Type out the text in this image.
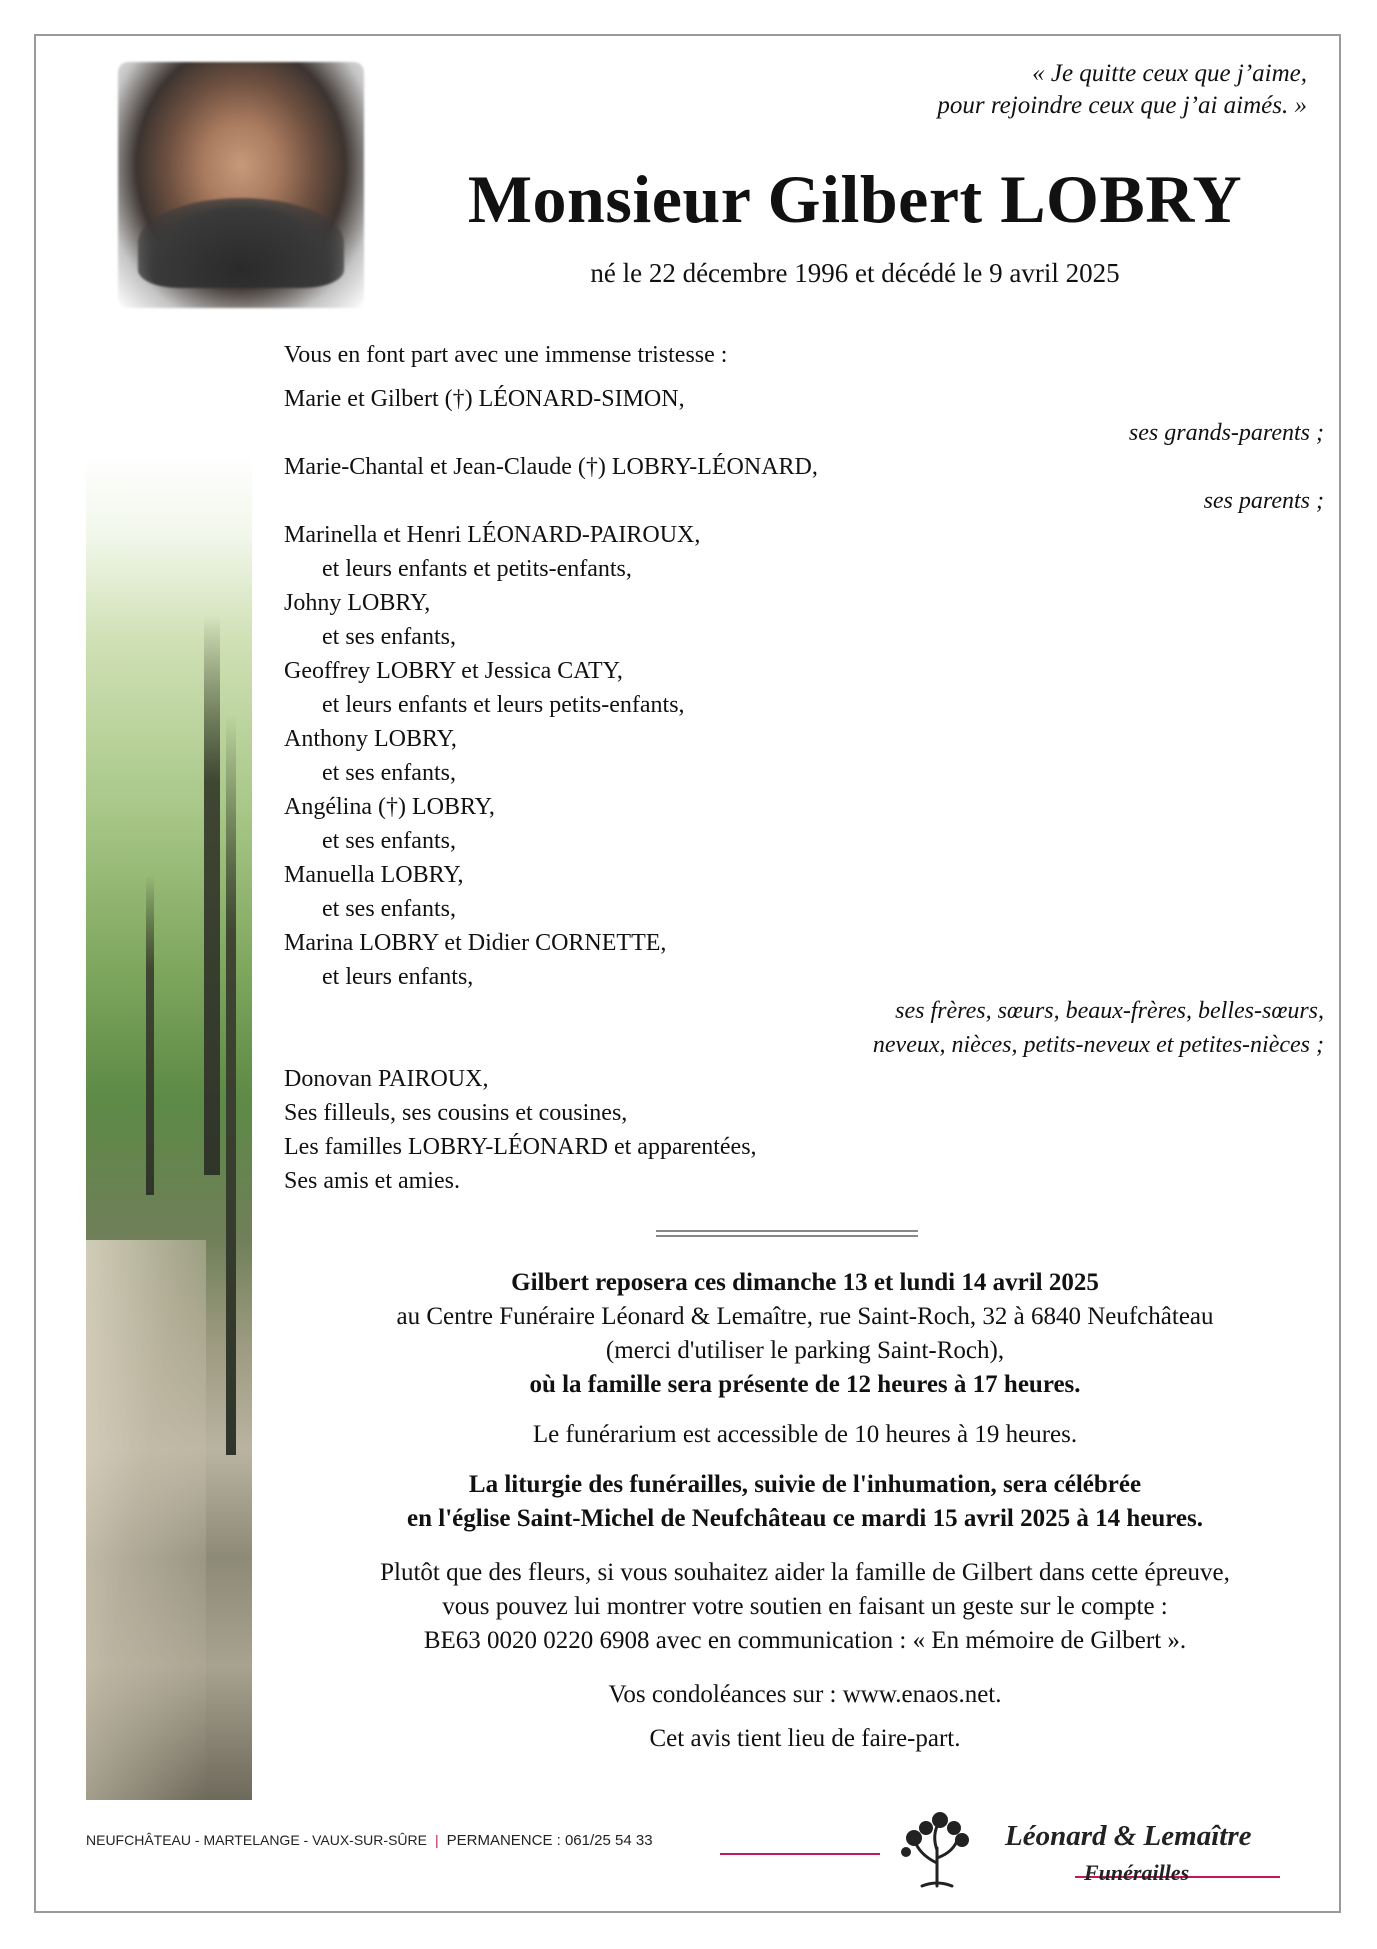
« Je quitte ceux que j’aime,
pour rejoindre ceux que j’ai aimés. »
Monsieur Gilbert LOBRY
né le 22 décembre 1996 et décédé le 9 avril 2025
Vous en font part avec une immense tristesse :
Marie et Gilbert (†) LÉONARD-SIMON,
ses grands-parents ;
Marie-Chantal et Jean-Claude (†) LOBRY-LÉONARD,
ses parents ;
Marinella et Henri LÉONARD-PAIROUX,
et leurs enfants et petits-enfants,
Johny LOBRY,
et ses enfants,
Geoffrey LOBRY et Jessica CATY,
et leurs enfants et leurs petits-enfants,
Anthony LOBRY,
et ses enfants,
Angélina (†) LOBRY,
et ses enfants,
Manuella LOBRY,
et ses enfants,
Marina LOBRY et Didier CORNETTE,
et leurs enfants,
ses frères, sœurs, beaux-frères, belles-sœurs,
neveux, nièces, petits-neveux et petites-nièces ;
Donovan PAIROUX,
Ses filleuls, ses cousins et cousines,
Les familles LOBRY-LÉONARD et apparentées,
Ses amis et amies.
Gilbert reposera ces dimanche 13 et lundi 14 avril 2025
au Centre Funéraire Léonard & Lemaître, rue Saint-Roch, 32 à 6840 Neufchâteau
(merci d'utiliser le parking Saint-Roch),
où la famille sera présente de 12 heures à 17 heures.
Le funérarium est accessible de 10 heures à 19 heures.
La liturgie des funérailles, suivie de l'inhumation, sera célébrée
en l'église Saint-Michel de Neufchâteau ce mardi 15 avril 2025 à 14 heures.
Plutôt que des fleurs, si vous souhaitez aider la famille de Gilbert dans cette épreuve,
vous pouvez lui montrer votre soutien en faisant un geste sur le compte :
BE63 0020 0220 6908 avec en communication : « En mémoire de Gilbert ».
Vos condoléances sur : www.enaos.net.
Cet avis tient lieu de faire-part.
NEUFCHÂTEAU - MARTELANGE - VAUX-SUR-SÛRE | PERMANENCE : 061/25 54 33	Léonard & Lemaître
Funérailles
